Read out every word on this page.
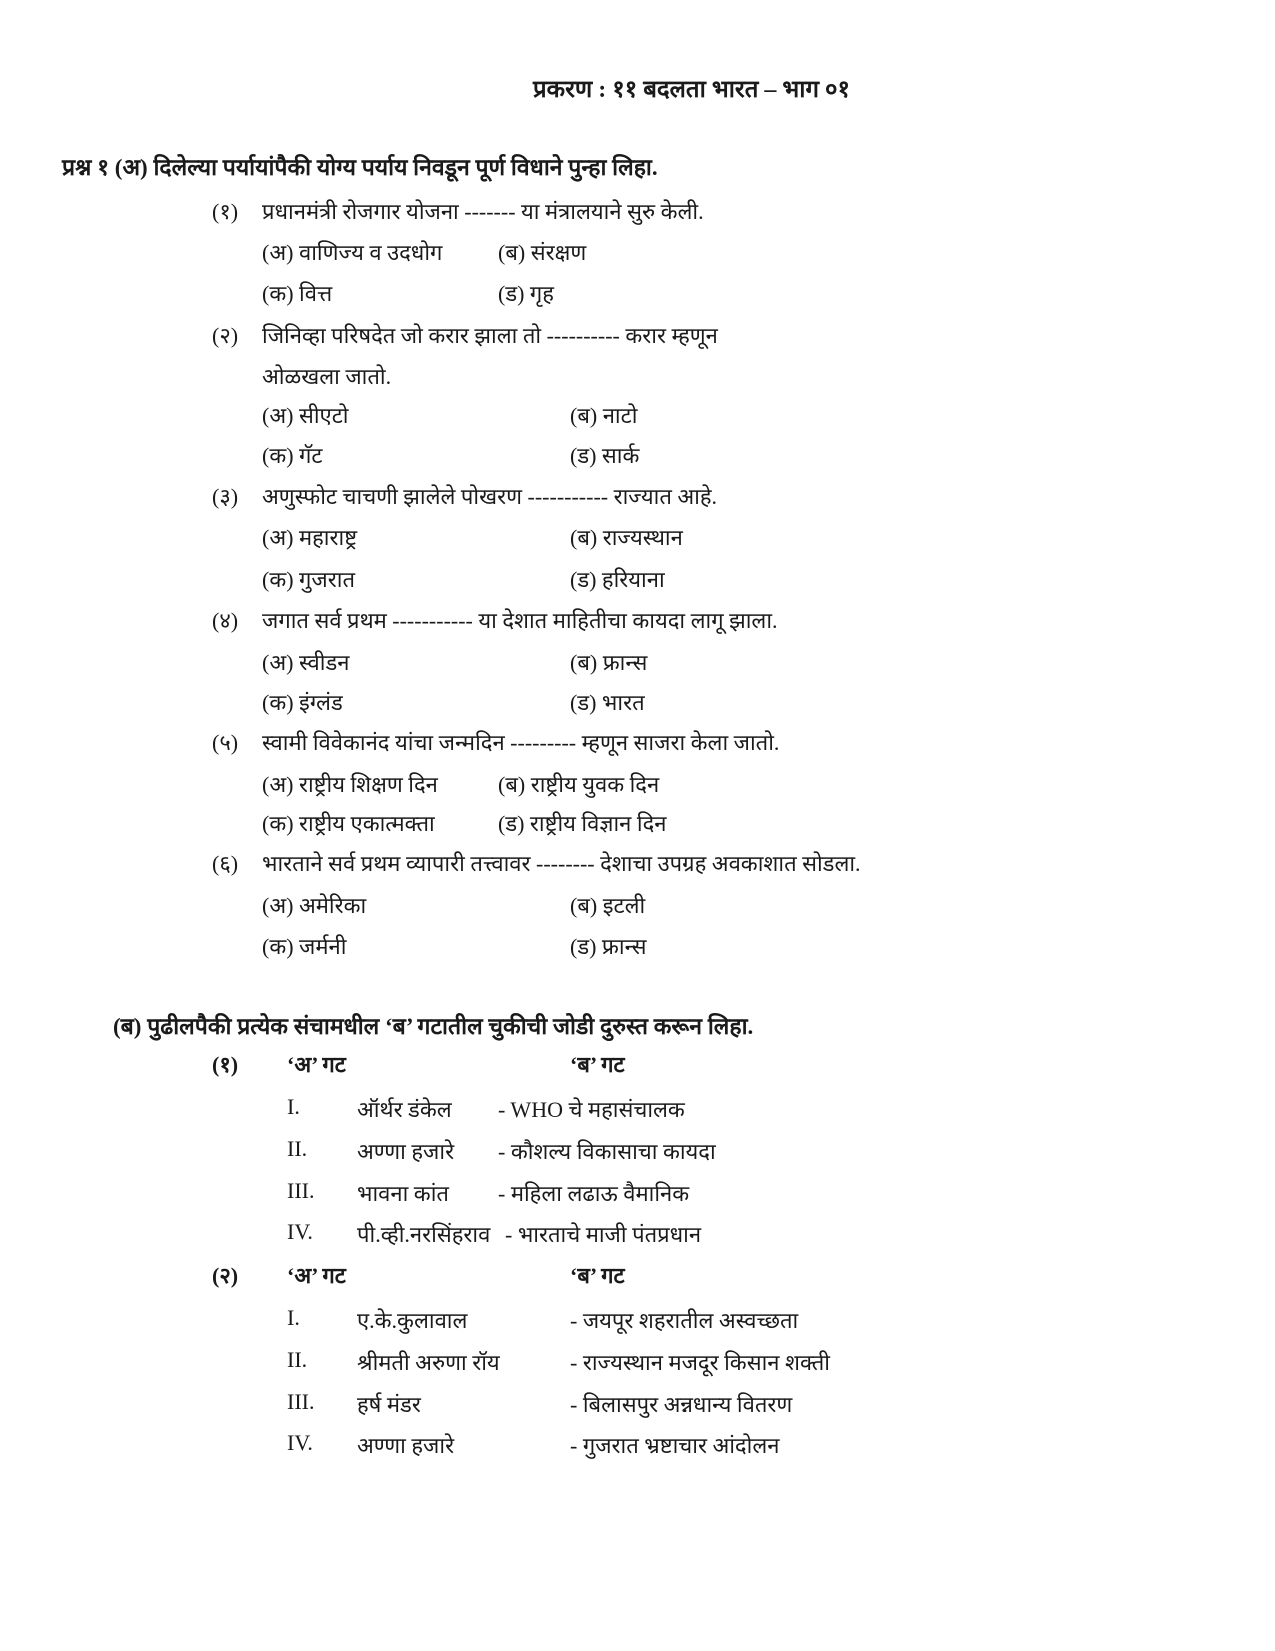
प्रकरण : ११ बदलता भारत – भाग ०१
प्रश्न १ (अ) दिलेल्या पर्यायांपैकी योग्य पर्याय निवडून पूर्ण विधाने पुन्हा लिहा.
(१) प्रधानमंत्री रोजगार योजना ------- या मंत्रालयाने सुरु केली.
(अ) वाणिज्य व उदधोग	(ब) संरक्षण
(क) वित्त	(ड) गृह
(२) जिनिव्हा परिषदेत जो करार झाला तो ---------- करार म्हणून
ओळखला जातो.
(अ) सीएटो	(ब) नाटो
(क) गॅट	(ड) सार्क
(३) अणुस्फोट चाचणी झालेले पोखरण ----------- राज्यात आहे.
(अ) महाराष्ट्र	(ब) राज्यस्थान
(क) गुजरात	(ड) हरियाना
(४) जगात सर्व प्रथम ----------- या देशात माहितीचा कायदा लागू झाला.
(अ) स्वीडन	(ब) फ्रान्स
(क) इंग्लंड	(ड) भारत
(५) स्वामी विवेकानंद यांचा जन्मदिन --------- म्हणून साजरा केला जातो.
(अ) राष्ट्रीय शिक्षण दिन	(ब) राष्ट्रीय युवक दिन
(क) राष्ट्रीय एकात्मक्ता	(ड) राष्ट्रीय विज्ञान दिन
(६) भारताने सर्व प्रथम व्यापारी तत्त्वावर -------- देशाचा उपग्रह अवकाशात सोडला.
(अ) अमेरिका	(ब) इटली
(क) जर्मनी	(ड) फ्रान्स
(ब) पुढीलपैकी प्रत्येक संचामधील ‘ब’ गटातील चुकीची जोडी दुरुस्त करून लिहा.
(१) ‘अ’ गट	‘ब’ गट
I.	ऑर्थर डंकेल - WHO चे महासंचालक
II. अण्णा हजारे - कौशल्य विकासाचा कायदा
III. भावना कांत - महिला लढाऊ वैमानिक
IV. पी.व्ही.नरसिंहराव - भारताचे माजी पंतप्रधान
(२) ‘अ’ गट	‘ब’ गट
I.	ए.के.कुलावाल	- जयपूर शहरातील अस्वच्छता
II. श्रीमती अरुणा रॉय	- राज्यस्थान मजदूर किसान शक्ती
III. हर्ष मंडर	- बिलासपुर अन्नधान्य वितरण
IV. अण्णा हजारे	- गुजरात भ्रष्टाचार आंदोलन
